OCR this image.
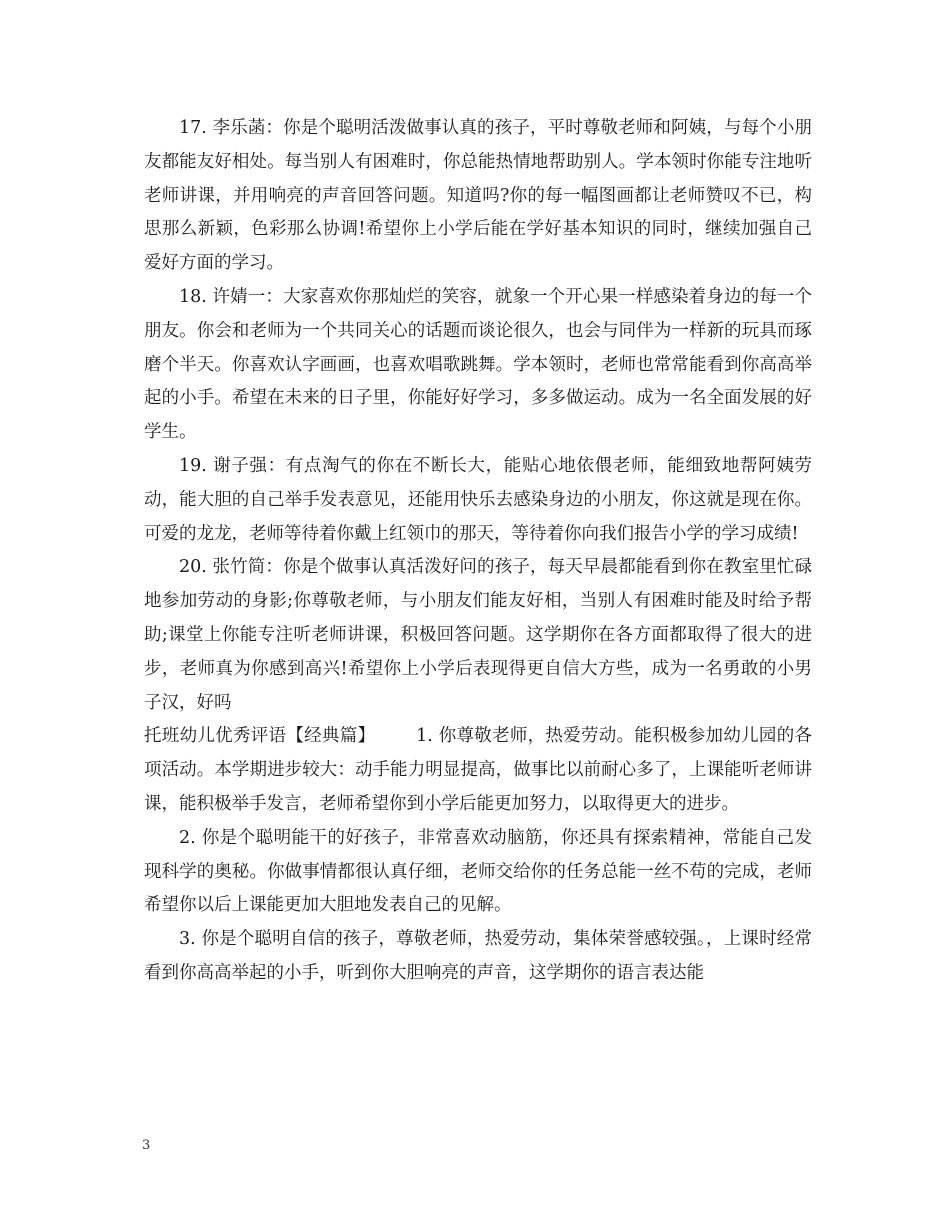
17. 李乐菡：你是个聪明活泼做事认真的孩子，平时尊敬老师和阿姨，与每个小朋友都能友好相处。每当别人有困难时，你总能热情地帮助别人。学本领时你能专注地听老师讲课，并用响亮的声音回答问题。知道吗?你的每一幅图画都让老师赞叹不已，构思那么新颖，色彩那么协调!希望你上小学后能在学好基本知识的同时，继续加强自己爱好方面的学习。

18. 许婧一：大家喜欢你那灿烂的笑容，就象一个开心果一样感染着身边的每一个朋友。你会和老师为一个共同关心的话题而谈论很久，也会与同伴为一样新的玩具而琢磨个半天。你喜欢认字画画，也喜欢唱歌跳舞。学本领时，老师也常常能看到你高高举起的小手。希望在未来的日子里，你能好好学习，多多做运动。成为一名全面发展的好学生。

19. 谢子强：有点淘气的你在不断长大，能贴心地依偎老师，能细致地帮阿姨劳动，能大胆的自己举手发表意见，还能用快乐去感染身边的小朋友，你这就是现在你。可爱的龙龙，老师等待着你戴上红领巾的那天，等待着你向我们报告小学的学习成绩!

20. 张竹简：你是个做事认真活泼好问的孩子，每天早晨都能看到你在教室里忙碌地参加劳动的身影;你尊敬老师，与小朋友们能友好相，当别人有困难时能及时给予帮助;课堂上你能专注听老师讲课，积极回答问题。这学期你在各方面都取得了很大的进步，老师真为你感到高兴!希望你上小学后表现得更自信大方些，成为一名勇敢的小男子汉，好吗

托班幼儿优秀评语【经典篇】   1. 你尊敬老师，热爱劳动。能积极参加幼儿园的各项活动。本学期进步较大：动手能力明显提高，做事比以前耐心多了，上课能听老师讲课，能积极举手发言，老师希望你到小学后能更加努力，以取得更大的进步。

2. 你是个聪明能干的好孩子，非常喜欢动脑筋，你还具有探索精神，常能自己发现科学的奥秘。你做事情都很认真仔细，老师交给你的任务总能一丝不苟的完成，老师希望你以后上课能更加大胆地发表自己的见解。

3. 你是个聪明自信的孩子，尊敬老师，热爱劳动，集体荣誉感较强。，上课时经常看到你高高举起的小手，听到你大胆响亮的声音，这学期你的语言表达能

3
